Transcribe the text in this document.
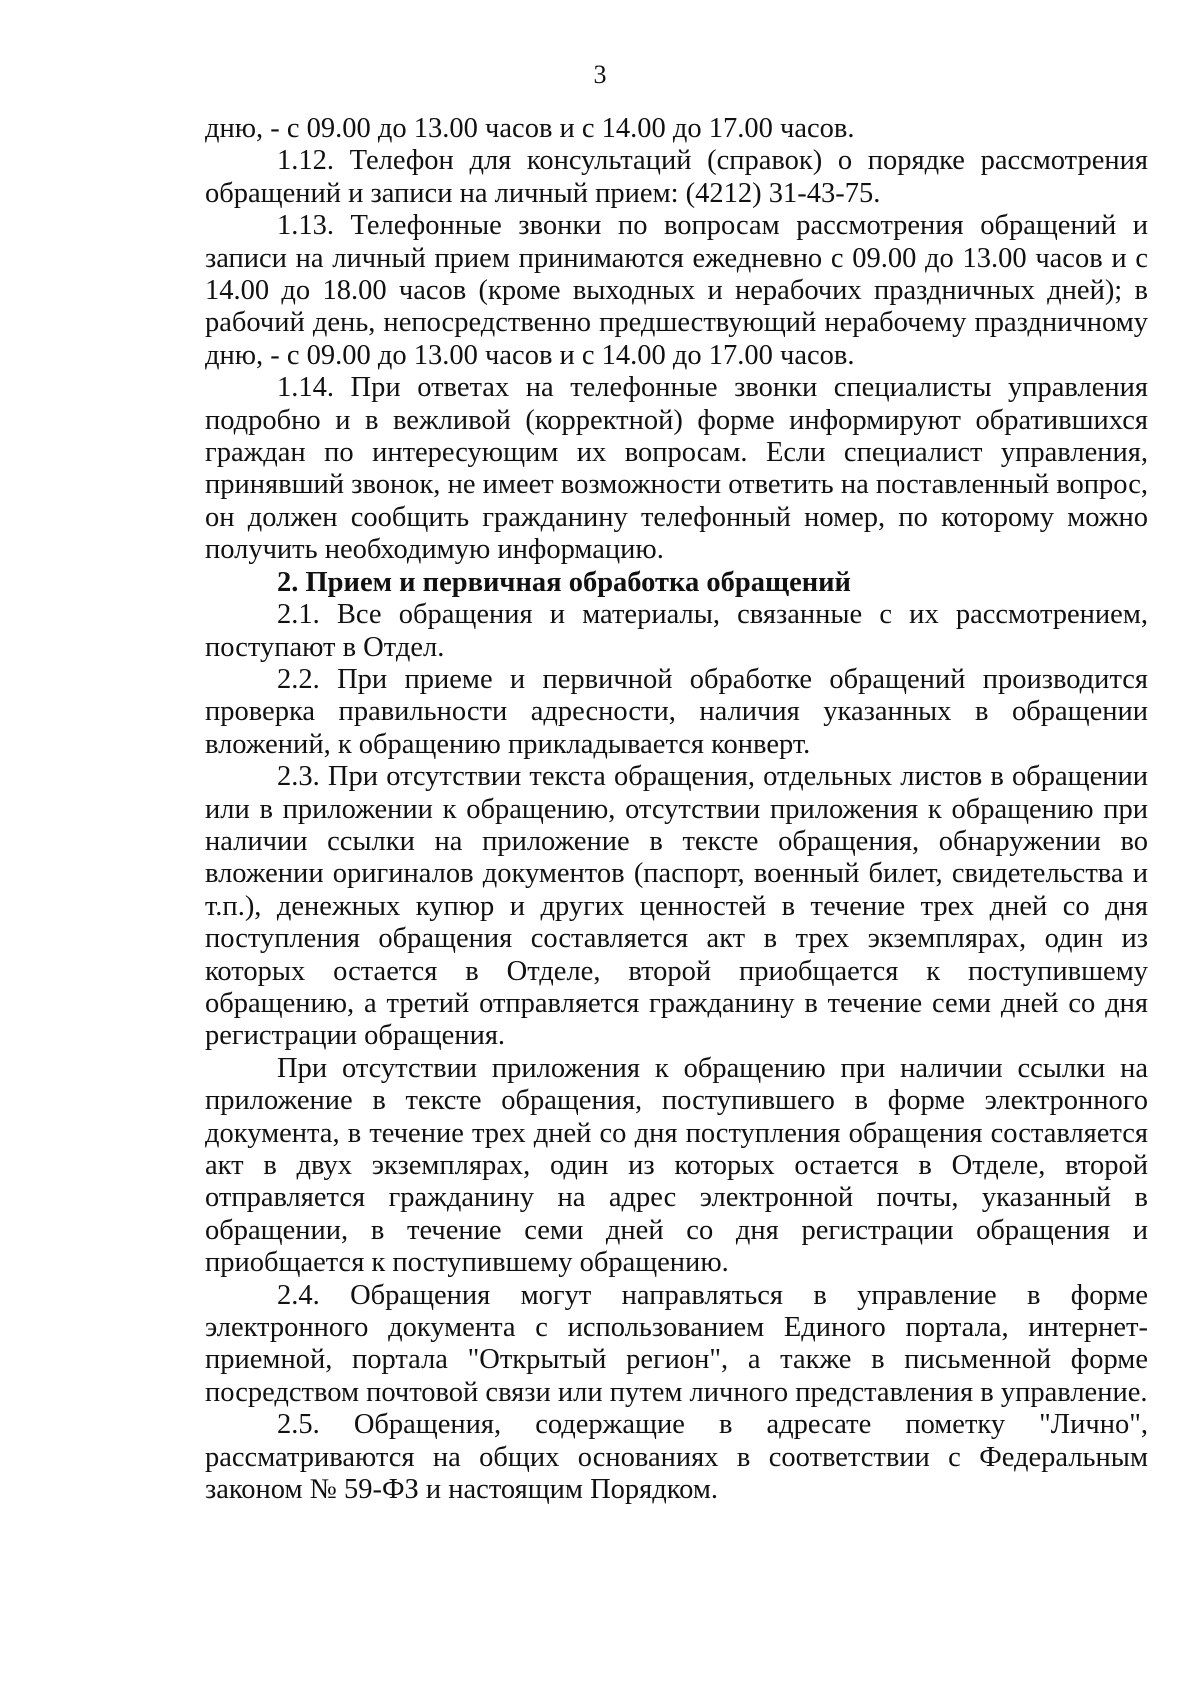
3

дню, - с 09.00 до 13.00 часов и с 14.00 до 17.00 часов.

1.12. Телефон для консультаций (справок) о порядке рассмотрения обращений и записи на личный прием: (4212) 31-43-75.

1.13. Телефонные звонки по вопросам рассмотрения обращений и записи на личный прием принимаются ежедневно с 09.00 до 13.00 часов и с 14.00 до 18.00 часов (кроме выходных и нерабочих праздничных дней); в рабочий день, непосредственно предшествующий нерабочему праздничному дню, - с 09.00 до 13.00 часов и с 14.00 до 17.00 часов.

1.14. При ответах на телефонные звонки специалисты управления подробно и в вежливой (корректной) форме информируют обратившихся граждан по интересующим их вопросам. Если специалист управления, принявший звонок, не имеет возможности ответить на поставленный вопрос, он должен сообщить гражданину телефонный номер, по которому можно получить необходимую информацию.

2. Прием и первичная обработка обращений

2.1. Все обращения и материалы, связанные с их рассмотрением, поступают в Отдел.

2.2. При приеме и первичной обработке обращений производится проверка правильности адресности, наличия указанных в обращении вложений, к обращению прикладывается конверт.

2.3. При отсутствии текста обращения, отдельных листов в обращении или в приложении к обращению, отсутствии приложения к обращению при наличии ссылки на приложение в тексте обращения, обнаружении во вложении оригиналов документов (паспорт, военный билет, свидетельства и т.п.), денежных купюр и других ценностей в течение трех дней со дня поступления обращения составляется акт в трех экземплярах, один из которых остается в Отделе, второй приобщается к поступившему обращению, а третий отправляется гражданину в течение семи дней со дня регистрации обращения.

При отсутствии приложения к обращению при наличии ссылки на приложение в тексте обращения, поступившего в форме электронного документа, в течение трех дней со дня поступления обращения составляется акт в двух экземплярах, один из которых остается в Отделе, второй отправляется гражданину на адрес электронной почты, указанный в обращении, в течение семи дней со дня регистрации обращения и приобщается к поступившему обращению.

2.4. Обращения могут направляться в управление в форме электронного документа с использованием Единого портала, интернет-приемной, портала "Открытый регион", а также в письменной форме посредством почтовой связи или путем личного представления в управление.

2.5. Обращения, содержащие в адресате пометку "Лично", рассматриваются на общих основаниях в соответствии с Федеральным законом № 59-ФЗ и настоящим Порядком.
